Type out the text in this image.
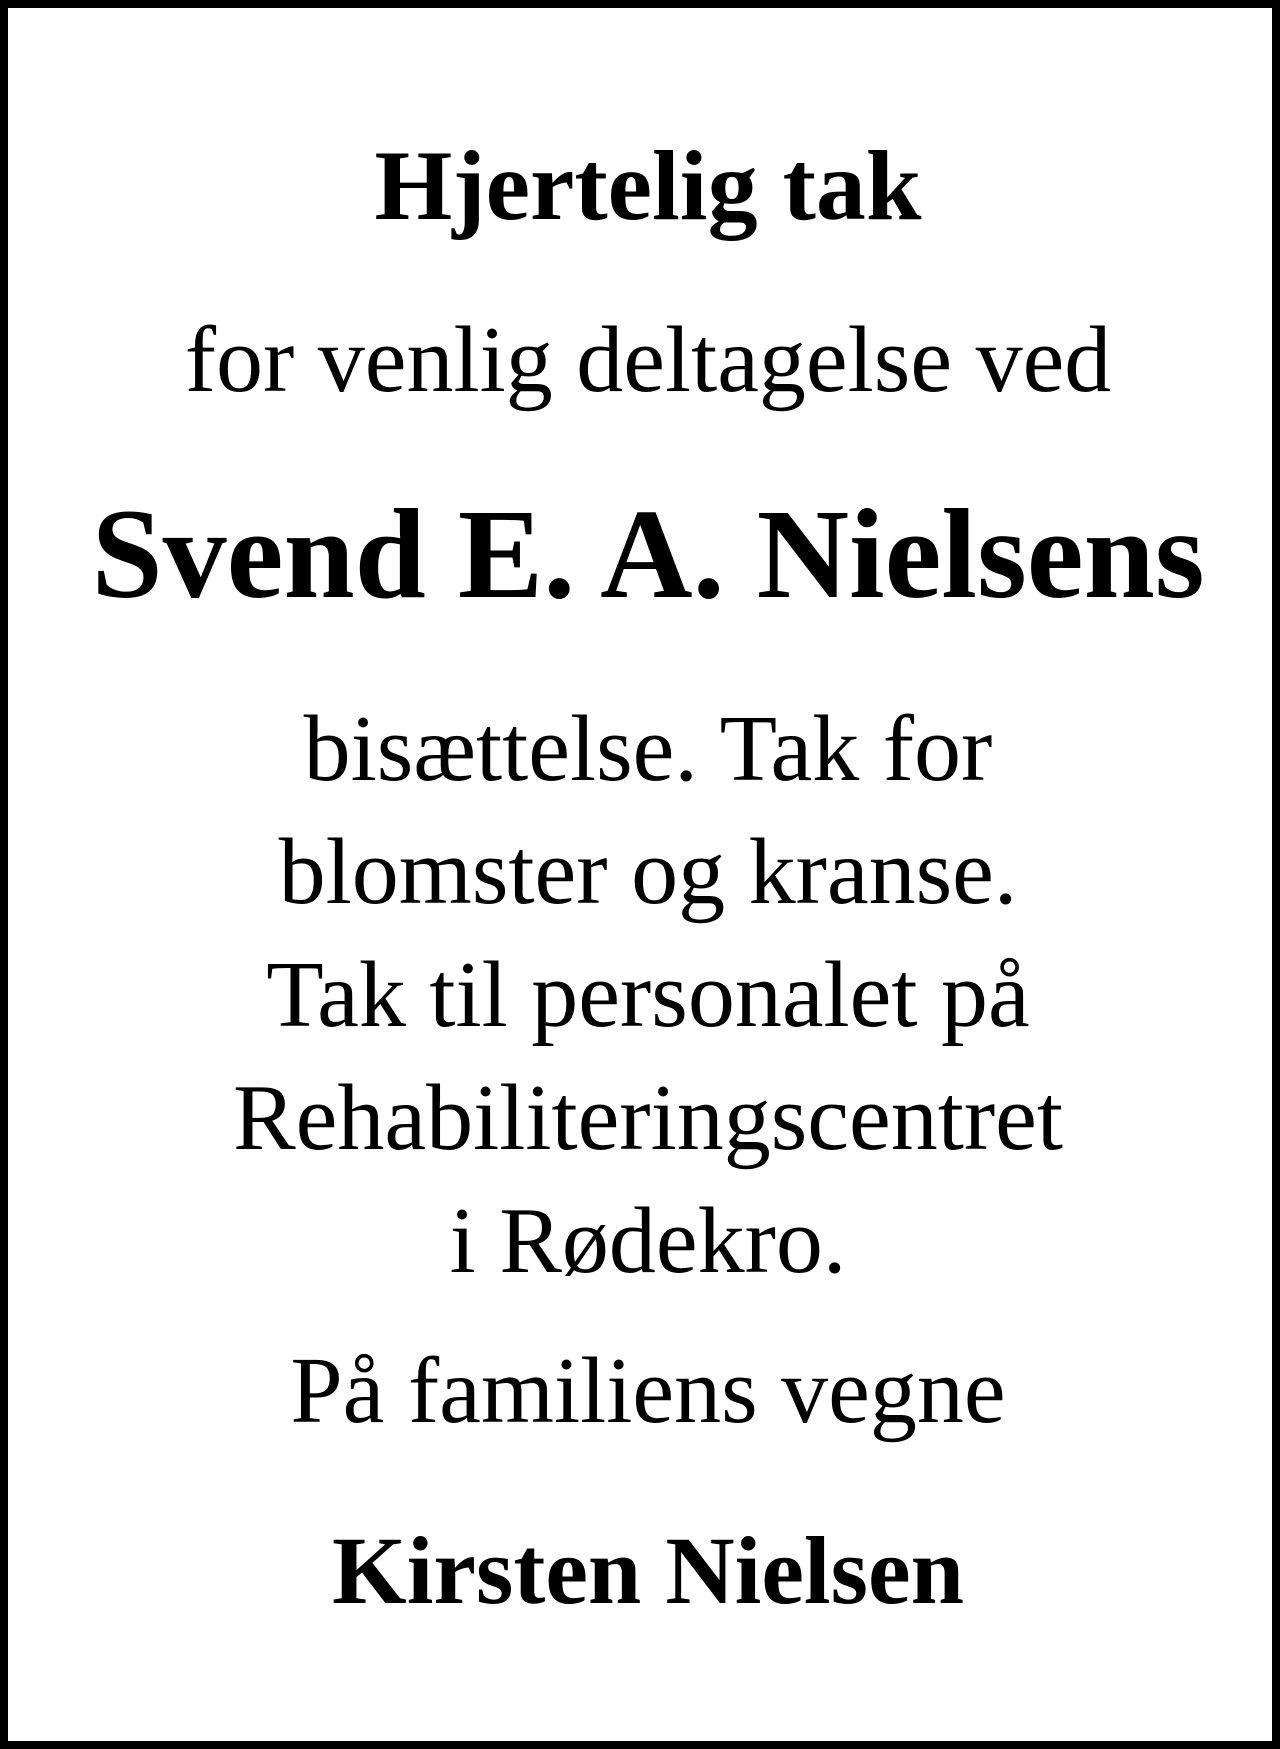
Hjertelig tak
for venlig deltagelse ved
Svend E. A. Nielsens
bisættelse. Tak for
blomster og kranse.
Tak til personalet på
Rehabiliteringscentret
i Rødekro.
På familiens vegne
Kirsten Nielsen
